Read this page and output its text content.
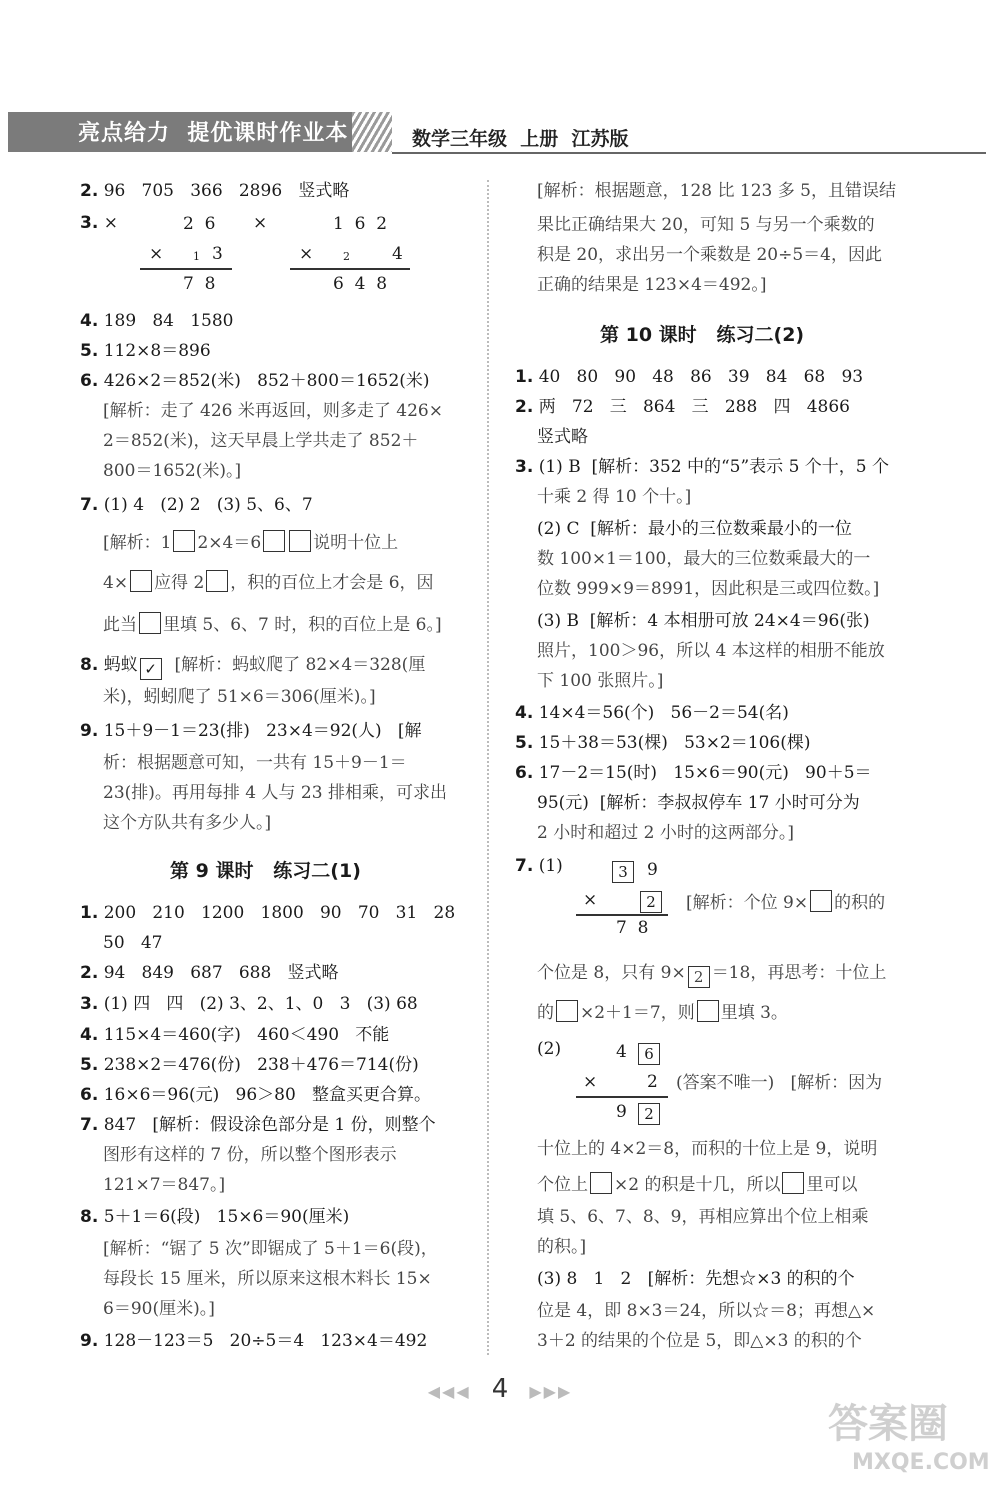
亮点给力  提优课时作业本	数学三年级  上册  江苏版
2. 96   705   366   2896   竖式略
3. ×	2  6
×	1 3
7  8
×	1  6  2
×	2 4
6  4  8
4. 189   84   1580
5. 112×8＝896
6. 426×2＝852(米)   852＋800＝1652(米)
[解析：走了 426 米再返回，则多走了 426×
2＝852(米)，这天早晨上学共走了 852＋
800＝1652(米)。]
7. (1) 4   (2) 2   (3) 5、6、7
[解析：1 2×4＝6	说明十位上
4× 应得 2 ，积的百位上才会是 6，因
此当 里填 5、6、7 时，积的百位上是 6。]
8. 蚂蚁 ✓  [解析：蚂蚁爬了 82×4＝328(厘
米)，蚓蚓爬了 51×6＝306(厘米)。]
9. 15＋9－1＝23(排)   23×4＝92(人)   [解
析：根据题意可知，一共有 15＋9－1＝
23(排)。再用每排 4 人与 23 排相乘，可求出
这个方队共有多少人。]
第 9 课时   练习二(1)
1. 200   210   1200   1800   90   70   31   28
50   47
2. 94   849   687   688   竖式略
3. (1) 四   四   (2) 3、2、1、0   3   (3) 68
4. 115×4＝460(字)   460＜490   不能
5. 238×2＝476(份)   238＋476＝714(份)
6. 16×6＝96(元)   96＞80   整盒买更合算。
7. 847   [解析：假设涂色部分是 1 份，则整个
图形有这样的 7 份，所以整个图形表示
121×7＝847。]
8. 5＋1＝6(段)   15×6＝90(厘米)
[解析：“锯了 5 次”即锯成了 5＋1＝6(段)，
每段长 15 厘米，所以原来这根木料长 15×
6＝90(厘米)。]
9. 128－123＝5   20÷5＝4   123×4＝492
[解析：根据题意，128 比 123 多 5，且错误结
果比正确结果大 20，可知 5 与另一个乘数的
积是 20，求出另一个乘数是 20÷5＝4，因此
正确的结果是 123×4＝492。]
第 10 课时   练习二(2)
1. 40   80   90   48   86   39   84   68   93
2. 两   72   三   864   三   288   四   4866
竖式略
3. (1) B  [解析：352 中的“5”表示 5 个十，5 个
十乘 2 得 10 个十。]
(2) C  [解析：最小的三位数乘最小的一位
数 100×1＝100，最大的三位数乘最大的一
位数 999×9＝8991，因此积是三或四位数。]
(3) B  [解析：4 本相册可放 24×4＝96(张)
照片，100＞96，所以 4 本这样的相册不能放
下 100 张照片。]
4. 14×4＝56(个)   56－2＝54(名)
5. 15＋38＝53(棵)   53×2＝106(棵)
6. 17－2＝15(时)   15×6＝90(元)   90＋5＝
95(元)  [解析：李叔叔停车 17 小时可分为
2 小时和超过 2 小时的这两部分。]
7. (1)	3	9
×	2
7  8
[解析：个位 9× 的积的
个位是 8，只有 9× 2 ＝18，再思考：十位上
的 ×2＋1＝7，则 里填 3。
(2)	4	6
×	2
9	2
(答案不唯一)   [解析：因为
十位上的 4×2＝8，而积的十位上是 9，说明
个位上 ×2 的积是十几，所以 里可以
填 5、6、7、8、9，再相应算出个位上相乘
的积。]
(3) 8   1   2   [解析：先想☆×3 的积的个
位是 4，即 8×3＝24，所以☆＝8；再想△×
3＋2 的结果的个位是 5，即△×3 的积的个
◀◀◀ 4 ▶▶▶
答案圈
MXQE.COM
